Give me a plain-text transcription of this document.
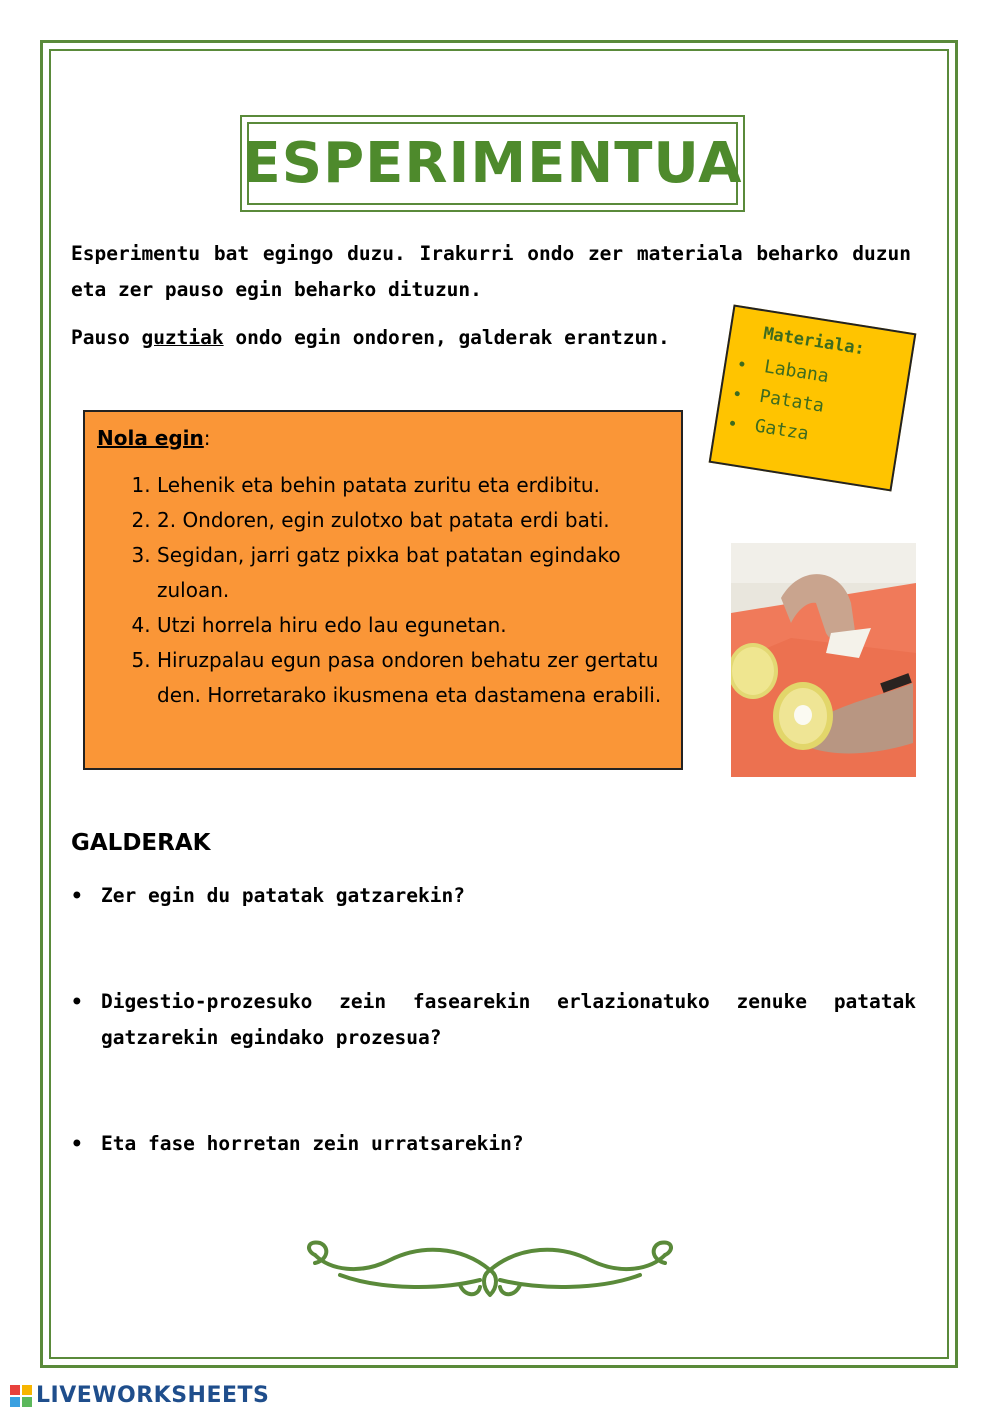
ESPERIMENTUA

Esperimentu bat egingo duzu. Irakurri ondo zer materiala beharko duzun eta zer pauso egin beharko dituzun.

Pauso guztiak ondo egin ondoren, galderak erantzun.	Materiala:
• Labana
• Patata
• Gatza
Nola egin:
1. Lehenik eta behin patata zuritu eta erdibitu.
2. 2. Ondoren, egin zulotxo bat patata erdi bati.
3. Segidan, jarri gatz pixka bat patatan egindako zuloan.
4. Utzi horrela hiru edo lau egunetan.
5. Hiruzpalau egun pasa ondoren behatu zer gertatu den. Horretarako ikusmena eta dastamena erabili.
GALDERAK
• Zer egin du patatak gatzarekin?
• Digestio-prozesuko zein fasearekin erlazionatuko zenuke patatak gatzarekin egindako prozesua?
• Eta fase horretan zein urratsarekin?
LIVEWORKSHEETS
